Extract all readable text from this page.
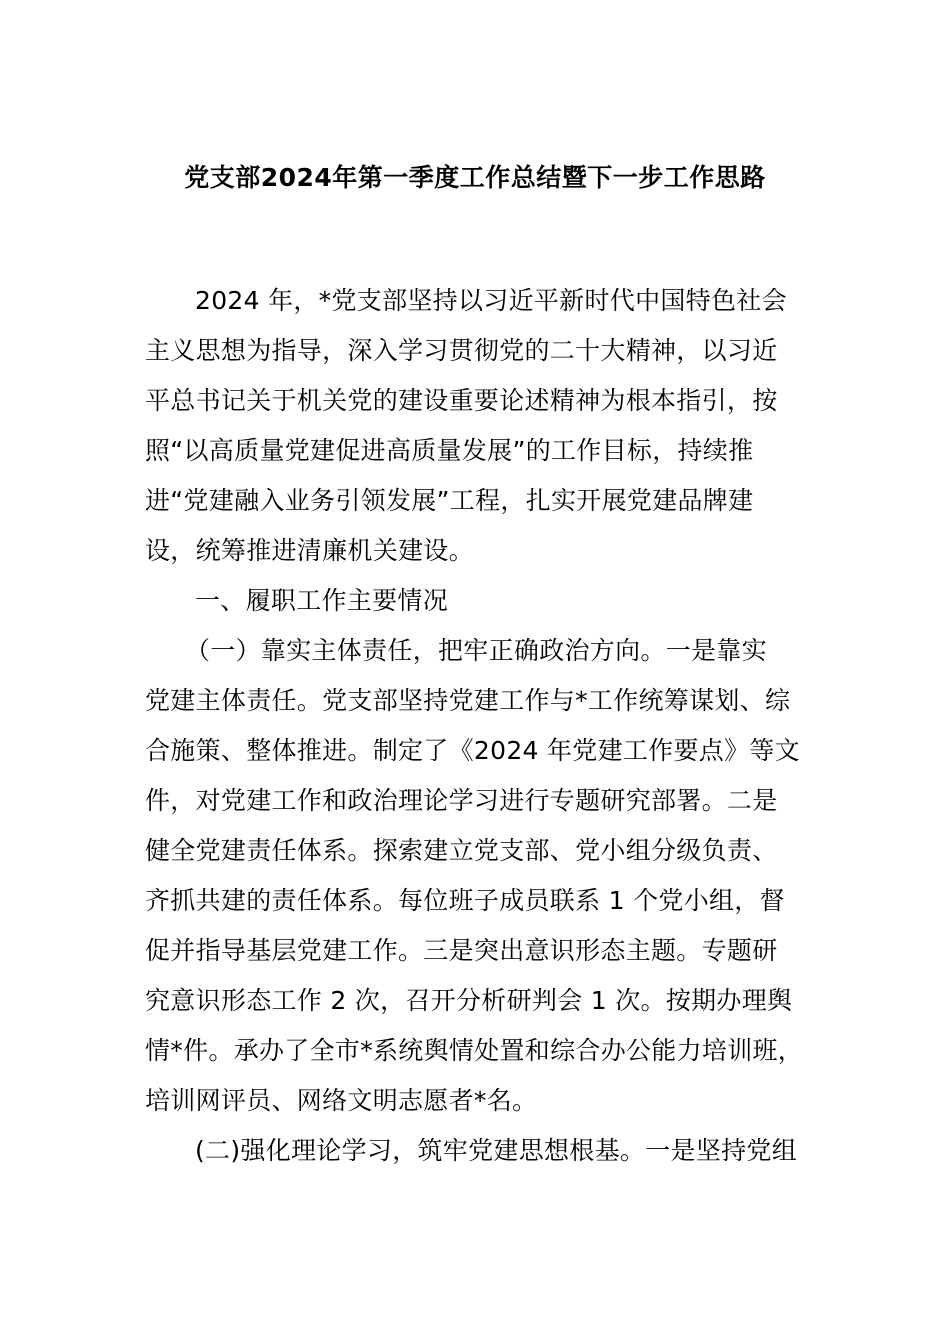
党支部2024年第一季度工作总结暨下一步工作思路
2024 年，*党支部坚持以习近平新时代中国特色社会
主义思想为指导，深入学习贯彻党的二十大精神，以习近
平总书记关于机关党的建设重要论述精神为根本指引，按
照“以高质量党建促进高质量发展”的工作目标，持续推
进“党建融入业务引领发展”工程，扎实开展党建品牌建
设，统筹推进清廉机关建设。
一、履职工作主要情况
（一）靠实主体责任，把牢正确政治方向。一是靠实
党建主体责任。党支部坚持党建工作与*工作统筹谋划、综
合施策、整体推进。制定了《2024 年党建工作要点》等文
件，对党建工作和政治理论学习进行专题研究部署。二是
健全党建责任体系。探索建立党支部、党小组分级负责、
齐抓共建的责任体系。每位班子成员联系 1 个党小组，督
促并指导基层党建工作。三是突出意识形态主题。专题研
究意识形态工作 2 次，召开分析研判会 1 次。按期办理舆
情*件。承办了全市*系统舆情处置和综合办公能力培训班，
培训网评员、网络文明志愿者*名。
(二)强化理论学习，筑牢党建思想根基。一是坚持党组
